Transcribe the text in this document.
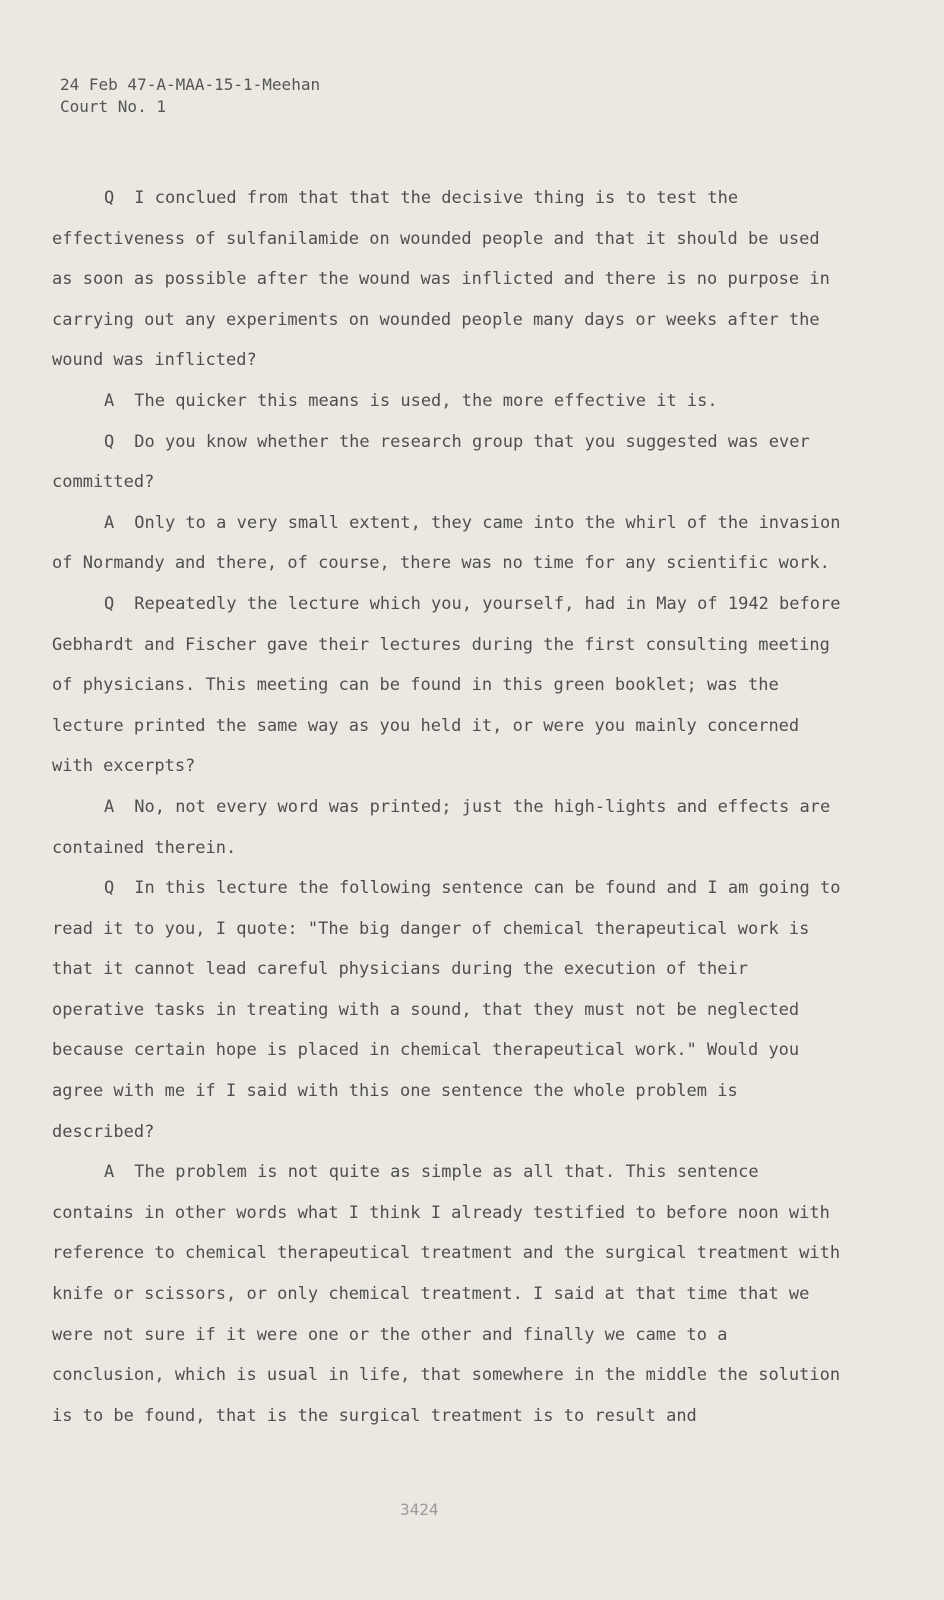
24 Feb 47-A-MAA-15-1-Meehan
Court No. 1

Q I conclued from that that the decisive thing is to test the effectiveness of sulfanilamide on wounded people and that it should be used as soon as possible after the wound was inflicted and there is no purpose in carrying out any experiments on wounded people many days or weeks after the wound was inflicted?

A The quicker this means is used, the more effective it is.

Q Do you know whether the research group that you suggested was ever committed?

A Only to a very small extent, they came into the whirl of the invasion of Normandy and there, of course, there was no time for any scientific work.

Q Repeatedly the lecture which you, yourself, had in May of 1942 before Gebhardt and Fischer gave their lectures during the first consulting meeting of physicians. This meeting can be found in this green booklet; was the lecture printed the same way as you held it, or were you mainly concerned with excerpts?

A No, not every word was printed; just the high-lights and effects are contained therein.

Q In this lecture the following sentence can be found and I am going to read it to you, I quote: "The big danger of chemical therapeutical work is that it cannot lead careful physicians during the execution of their operative tasks in treating with a sound, that they must not be neglected because certain hope is placed in chemical therapeutical work." Would you agree with me if I said with this one sentence the whole problem is described?

A The problem is not quite as simple as all that. This sentence contains in other words what I think I already testified to before noon with reference to chemical therapeutical treatment and the surgical treatment with knife or scissors, or only chemical treatment. I said at that time that we were not sure if it were one or the other and finally we came to a conclusion, which is usual in life, that somewhere in the middle the solution is to be found, that is the surgical treatment is to result and

3424
